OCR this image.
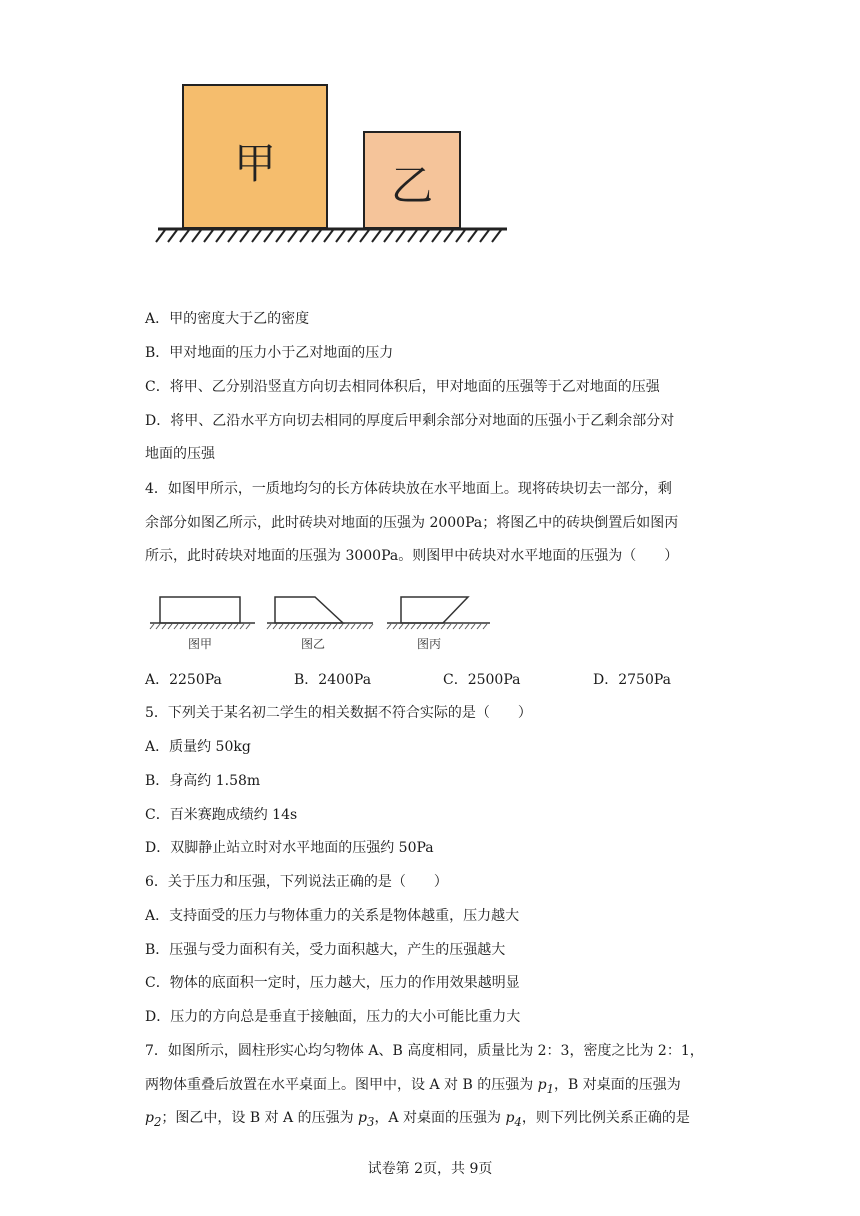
甲	乙
A．甲的密度大于乙的密度
B．甲对地面的压力小于乙对地面的压力
C．将甲、乙分别沿竖直方向切去相同体积后，甲对地面的压强等于乙对地面的压强
D．将甲、乙沿水平方向切去相同的厚度后甲剩余部分对地面的压强小于乙剩余部分对
地面的压强
4．如图甲所示，一质地均匀的长方体砖块放在水平地面上。现将砖块切去一部分，剩
余部分如图乙所示，此时砖块对地面的压强为 2000Pa；将图乙中的砖块倒置后如图丙
所示，此时砖块对地面的压强为 3000Pa。则图甲中砖块对水平地面的压强为（　　）
图甲	图乙	图丙
A．2250Pa	B．2400Pa	C．2500Pa	D．2750Pa
5．下列关于某名初二学生的相关数据不符合实际的是（　　）
A．质量约 50kg
B．身高约 1.58m
C．百米赛跑成绩约 14s
D．双脚静止站立时对水平地面的压强约 50Pa
6．关于压力和压强，下列说法正确的是（　　）
A．支持面受的压力与物体重力的关系是物体越重，压力越大
B．压强与受力面积有关，受力面积越大，产生的压强越大
C．物体的底面积一定时，压力越大，压力的作用效果越明显
D．压力的方向总是垂直于接触面，压力的大小可能比重力大
7．如图所示，圆柱形实心均匀物体 A、B 高度相同，质量比为 2：3，密度之比为 2：1，
两物体重叠后放置在水平桌面上。图甲中，设 A 对 B 的压强为 $p_1$，B 对桌面的压强为
$p_2$；图乙中，设 B 对 A 的压强为 $p_3$，A 对桌面的压强为 $p_4$，则下列比例关系正确的是
试卷第 2页，共 9页
